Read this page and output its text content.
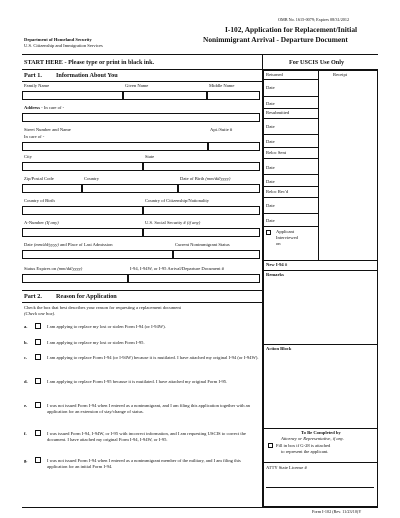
OMB No. 1615-0079; Expires 08/31/2012
Department of Homeland Security
U.S. Citizenship and Immigration Services
I-102, Application for Replacement/Initial
Nonimmigrant Arrival - Departure Document
START HERE - Please type or print in black ink.	For USCIS Use Only
Part 1. Information About You
Family Name	Given Name	Middle Name
Address - In care of -
Street Number and Name	Apt./Suite #
In care of -
City	State
Zip/Postal Code	Country	Date of Birth (mm/dd/yyyy)
Country of Birth	Country of Citizenship/Nationality
A-Number (If any)	U.S. Social Security # (if any)
Date (mm/dd/yyyy) and Place of Last Admission	Current Nonimmigrant Status
Status Expires on (mm/dd/yyyy)	I-94, I-94W, or I-95 Arrival/Departure Document #
Part 2. Reason for Application
Check the box that best describes your reason for requesting a replacement document
(Check one box).
a.	I am applying to replace my lost or stolen Form I-94 (or I-94W).
b.	I am applying to replace my lost or stolen Form I-95.
c.	I am applying to replace Form I-94 (or I-94W) because it is mutilated. I have attached my original I-94 (or I-94W).
d.	I am applying to replace Form I-95 because it is mutilated. I have attached my original Form I-95.
e.	I was not issued Form I-94 when I entered as a nonimmigrant, and I am filing this application together with an application for an extension of stay/change of status.
f.	I was issued Form I-94, I-94W, or I-95 with incorrect information, and I am requesting USCIS to correct the document. I have attached my original Form I-94, I-94W, or I-95.
g.	I was not issued Form I-94 when I entered as a nonimmigrant member of the military, and I am filing this application for an initial Form I-94.
Returned	Receipt
Date
Date
Resubmitted
Date
Date
Reloc Sent
Date
Date
Reloc Rec'd
Date
Date
Applicant
Interviewed
on
New I-94 #
Remarks
Action Block
To Be Completed by
Attorney or Representative, if any.
Fill in box if G-28 is attached
to represent the applicant.
ATTY State License #
Form I-102 (Rev. 11/23/10)Y
